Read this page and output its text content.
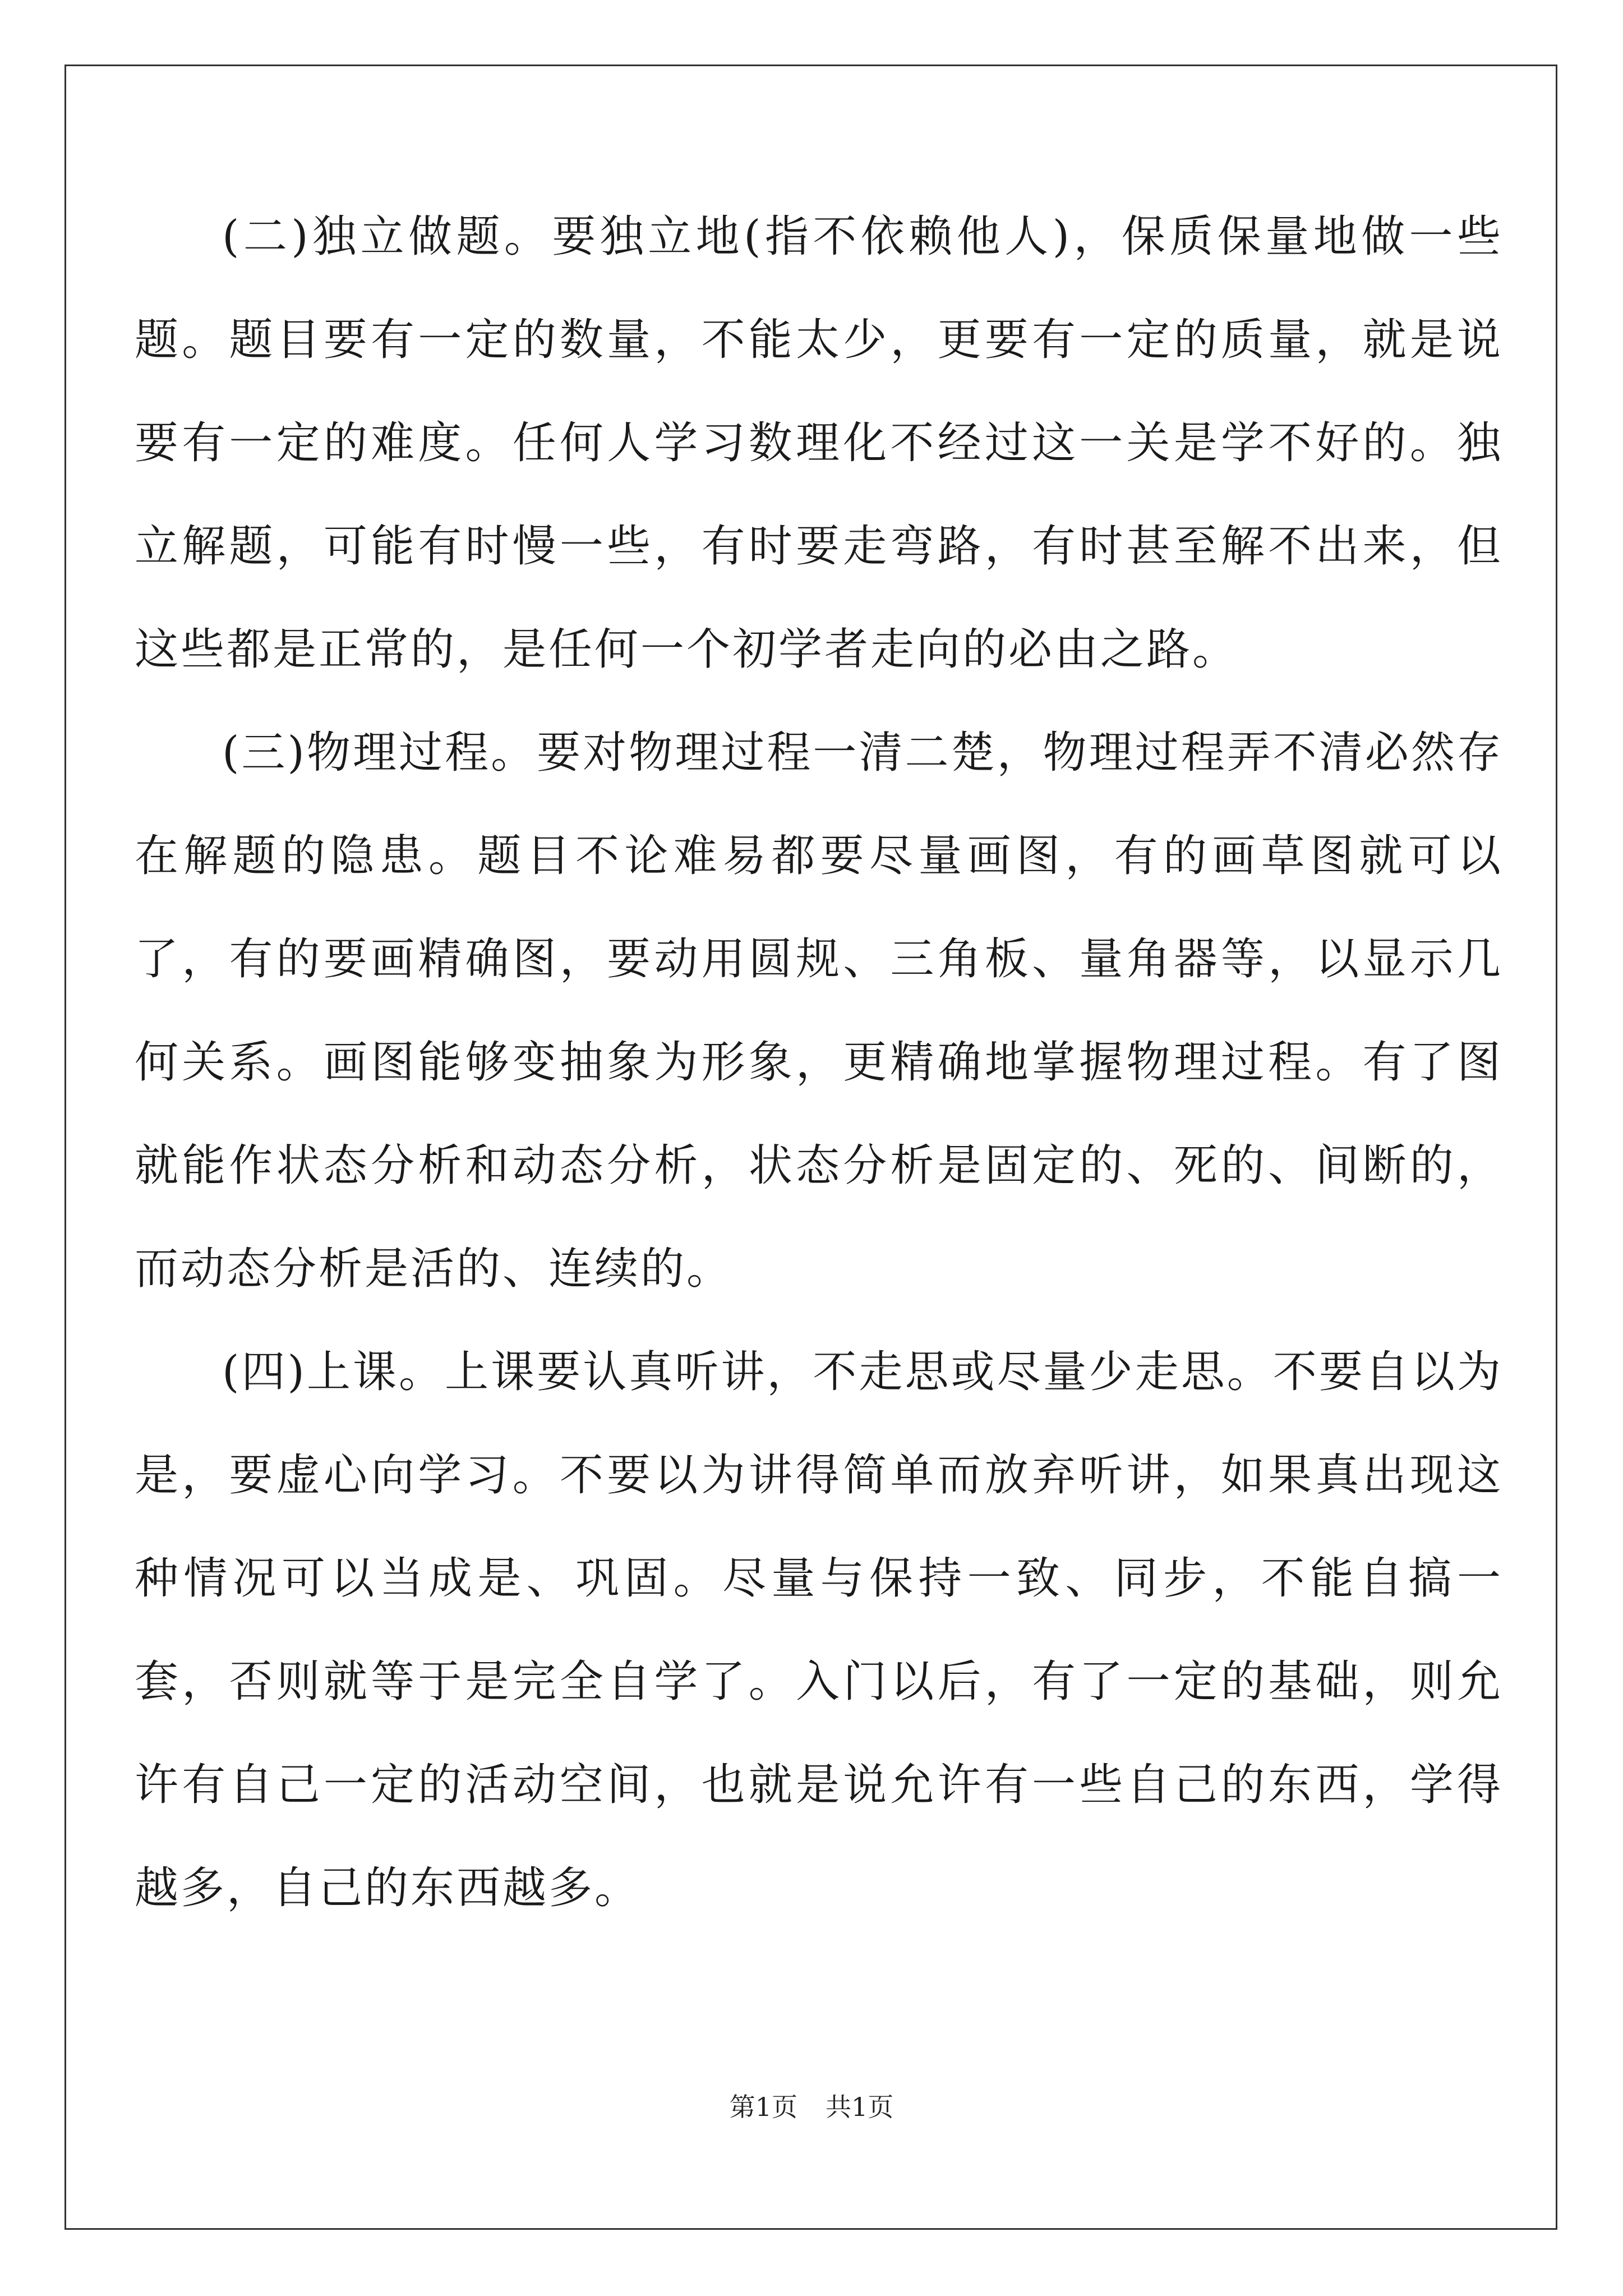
(二)独立做题。要独立地(指不依赖他人)，保质保量地做一些题。题目要有一定的数量，不能太少，更要有一定的质量，就是说要有一定的难度。任何人学习数理化不经过这一关是学不好的。独立解题，可能有时慢一些，有时要走弯路，有时甚至解不出来，但这些都是正常的，是任何一个初学者走向的必由之路。

(三)物理过程。要对物理过程一清二楚，物理过程弄不清必然存在解题的隐患。题目不论难易都要尽量画图，有的画草图就可以了，有的要画精确图，要动用圆规、三角板、量角器等，以显示几何关系。画图能够变抽象为形象，更精确地掌握物理过程。有了图就能作状态分析和动态分析，状态分析是固定的、死的、间断的，而动态分析是活的、连续的。

(四)上课。上课要认真听讲，不走思或尽量少走思。不要自以为是，要虚心向学习。不要以为讲得简单而放弃听讲，如果真出现这种情况可以当成是、巩固。尽量与保持一致、同步，不能自搞一套，否则就等于是完全自学了。入门以后，有了一定的基础，则允许有自己一定的活动空间，也就是说允许有一些自己的东西，学得越多，自己的东西越多。

第1页 共1页
